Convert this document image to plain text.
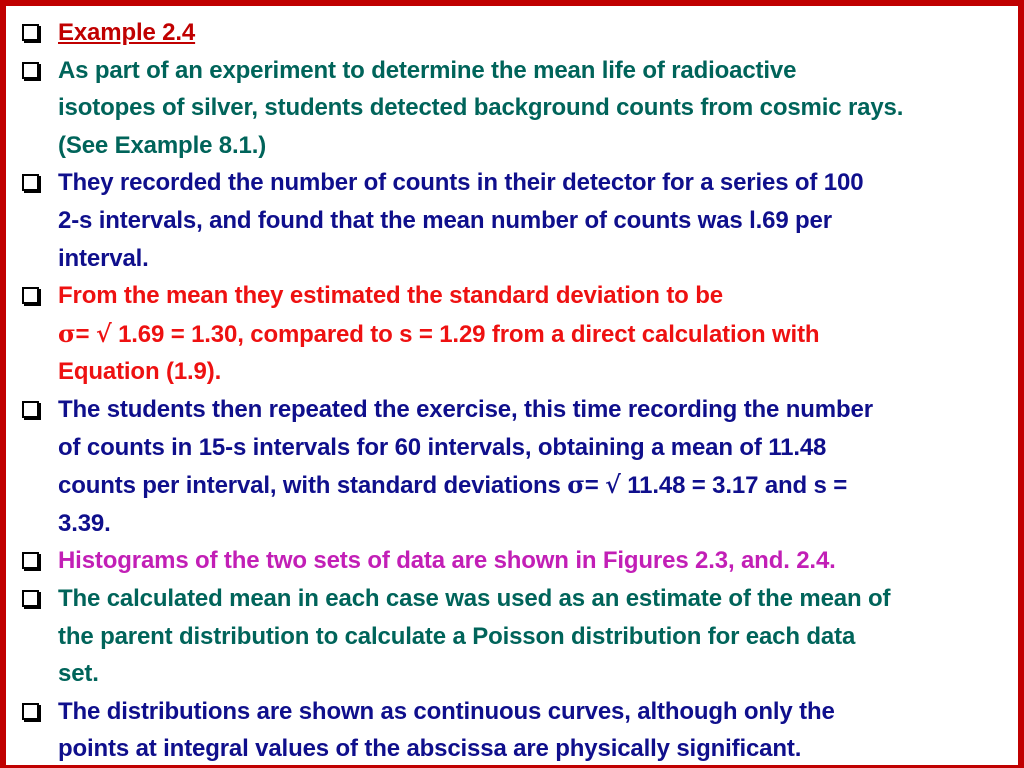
Example 2.4
As part of an experiment to determine the mean life of radioactive
isotopes of silver, students detected background counts from cosmic rays.
(See Example 8.1.)
They recorded the number of counts in their detector for a series of 100
2-s intervals, and found that the mean number of counts was l.69 per
interval.
From the mean they estimated the standard deviation to be
σ= √ 1.69 = 1.30, compared to s = 1.29 from a direct calculation with
Equation (1.9).
The students then repeated the exercise, this time recording the number
of counts in 15-s intervals for 60 intervals, obtaining a mean of 11.48
counts per interval, with standard deviations σ= √ 11.48 = 3.17 and s =
3.39.
Histograms of the two sets of data are shown in Figures 2.3, and. 2.4.
The calculated mean in each case was used as an estimate of the mean of
the parent distribution to calculate a Poisson distribution for each data
set.
The distributions are shown as continuous curves, although only the
points at integral values of the abscissa are physically significant.
